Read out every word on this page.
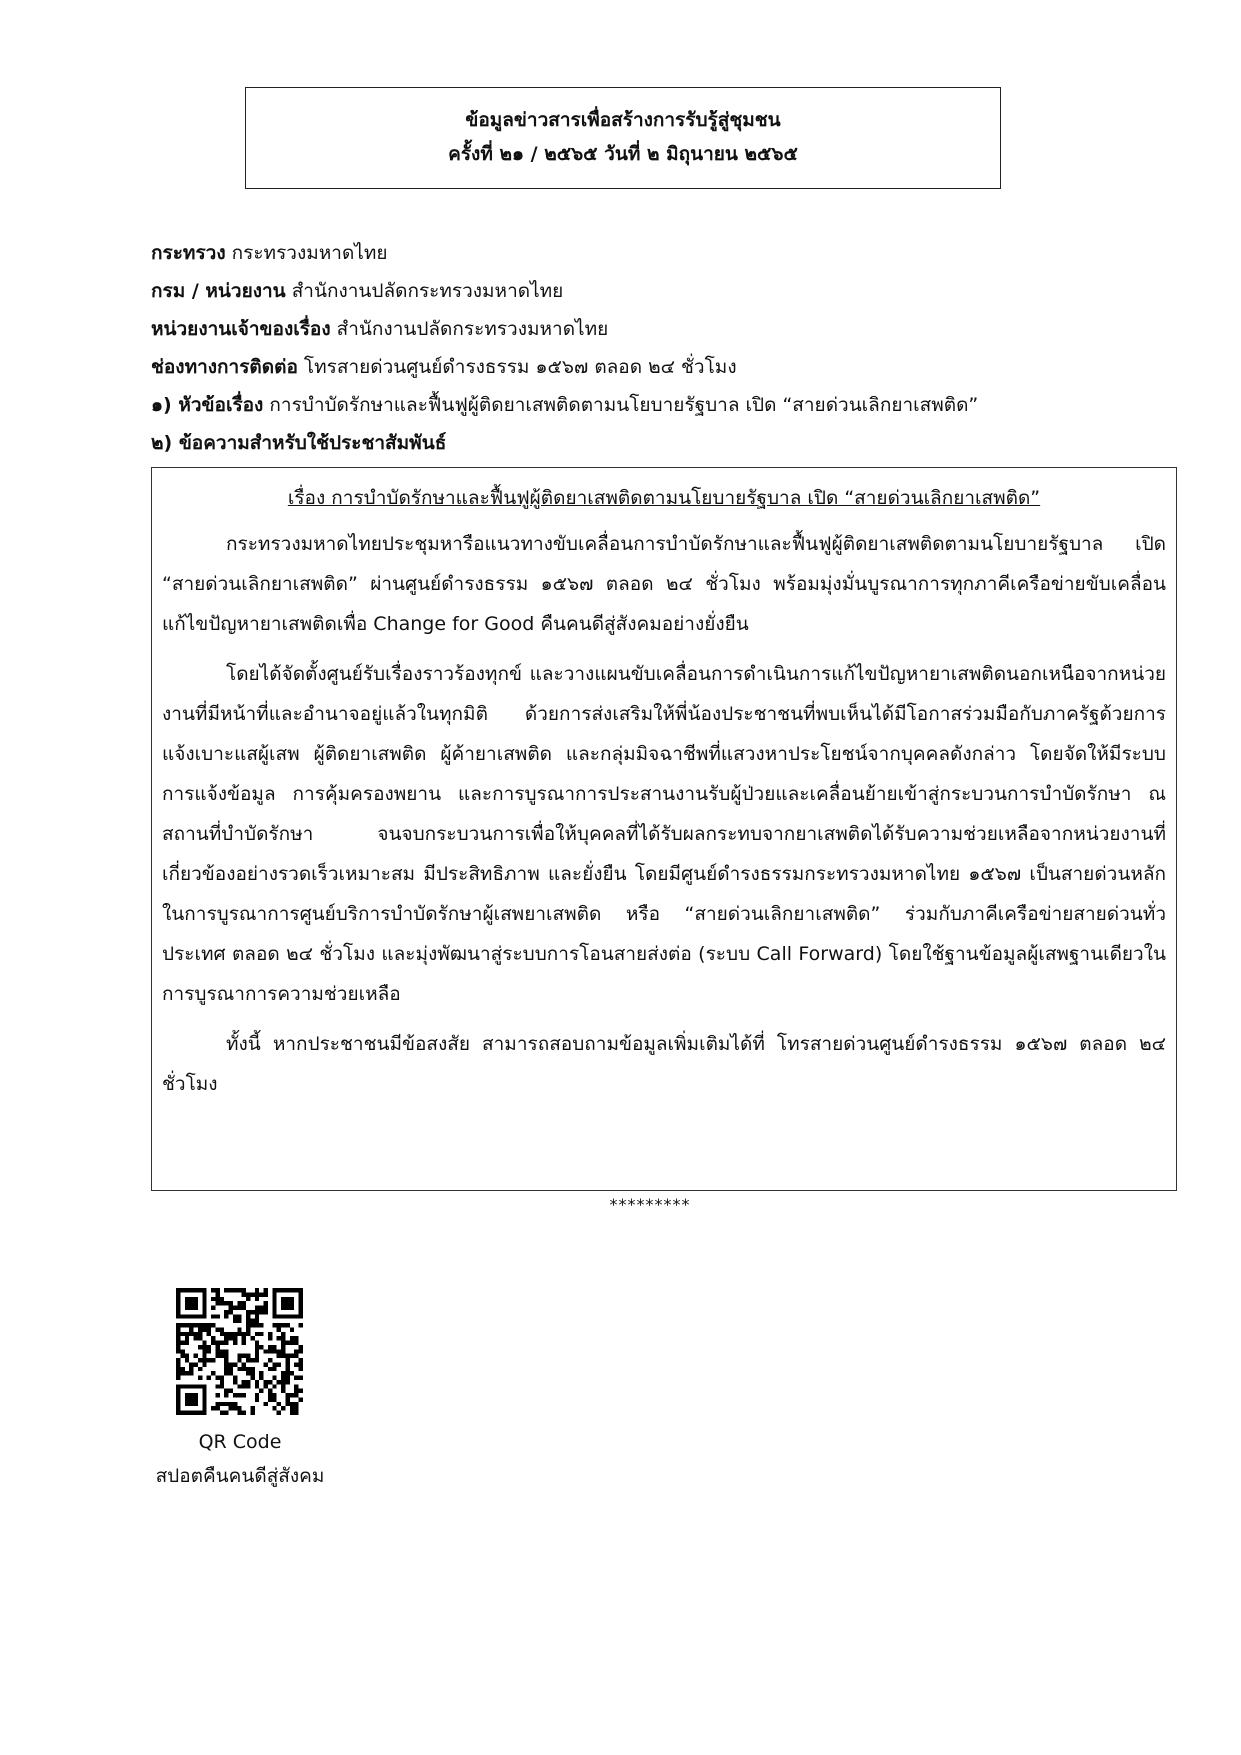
ข้อมูลข่าวสารเพื่อสร้างการรับรู้สู่ชุมชน
ครั้งที่ ๒๑ / ๒๕๖๕ วันที่ ๒ มิถุนายน ๒๕๖๕
กระทรวง กระทรวงมหาดไทย
กรม / หน่วยงาน สำนักงานปลัดกระทรวงมหาดไทย
หน่วยงานเจ้าของเรื่อง สำนักงานปลัดกระทรวงมหาดไทย
ช่องทางการติดต่อ โทรสายด่วนศูนย์ดำรงธรรม ๑๕๖๗ ตลอด ๒๔ ชั่วโมง
๑) หัวข้อเรื่อง การบำบัดรักษาและฟื้นฟูผู้ติดยาเสพติดตามนโยบายรัฐบาล เปิด “สายด่วนเลิกยาเสพติด”
๒) ข้อความสำหรับใช้ประชาสัมพันธ์
เรื่อง การบำบัดรักษาและฟื้นฟูผู้ติดยาเสพติดตามนโยบายรัฐบาล เปิด “สายด่วนเลิกยาเสพติด”

กระทรวงมหาดไทยประชุมหารือแนวทางขับเคลื่อนการบำบัดรักษาและฟื้นฟูผู้ติดยาเสพติดตามนโยบายรัฐบาล เปิด “สายด่วนเลิกยาเสพติด” ผ่านศูนย์ดำรงธรรม ๑๕๖๗ ตลอด ๒๔ ชั่วโมง พร้อมมุ่งมั่นบูรณาการทุกภาคีเครือข่ายขับเคลื่อนแก้ไขปัญหายาเสพติดเพื่อ Change for Good คืนคนดีสู่สังคมอย่างยั่งยืน

โดยได้จัดตั้งศูนย์รับเรื่องราวร้องทุกข์ และวางแผนขับเคลื่อนการดำเนินการแก้ไขปัญหายาเสพติดนอกเหนือจากหน่วยงานที่มีหน้าที่และอำนาจอยู่แล้วในทุกมิติ ด้วยการส่งเสริมให้พี่น้องประชาชนที่พบเห็นได้มีโอกาสร่วมมือกับภาครัฐด้วยการแจ้งเบาะแสผู้เสพ ผู้ติดยาเสพติด ผู้ค้ายาเสพติด และกลุ่มมิจฉาชีพที่แสวงหาประโยชน์จากบุคคลดังกล่าว โดยจัดให้มีระบบการแจ้งข้อมูล การคุ้มครองพยาน และการบูรณาการประสานงานรับผู้ป่วยและเคลื่อนย้ายเข้าสู่กระบวนการบำบัดรักษา ณ สถานที่บำบัดรักษา จนจบกระบวนการเพื่อให้บุคคลที่ได้รับผลกระทบจากยาเสพติดได้รับความช่วยเหลือจากหน่วยงานที่เกี่ยวข้องอย่างรวดเร็วเหมาะสม มีประสิทธิภาพ และยั่งยืน โดยมีศูนย์ดำรงธรรมกระทรวงมหาดไทย ๑๕๖๗ เป็นสายด่วนหลักในการบูรณาการศูนย์บริการบำบัดรักษาผู้เสพยาเสพติด หรือ “สายด่วนเลิกยาเสพติด” ร่วมกับภาคีเครือข่ายสายด่วนทั่วประเทศ ตลอด ๒๔ ชั่วโมง และมุ่งพัฒนาสู่ระบบการโอนสายส่งต่อ (ระบบ Call Forward) โดยใช้ฐานข้อมูลผู้เสพฐานเดียวในการบูรณาการความช่วยเหลือ

ทั้งนี้ หากประชาชนมีข้อสงสัย สามารถสอบถามข้อมูลเพิ่มเติมได้ที่ โทรสายด่วนศูนย์ดำรงธรรม ๑๕๖๗ ตลอด ๒๔ ชั่วโมง

*********
QR Code
สปอตคืนคนดีสู่สังคม
